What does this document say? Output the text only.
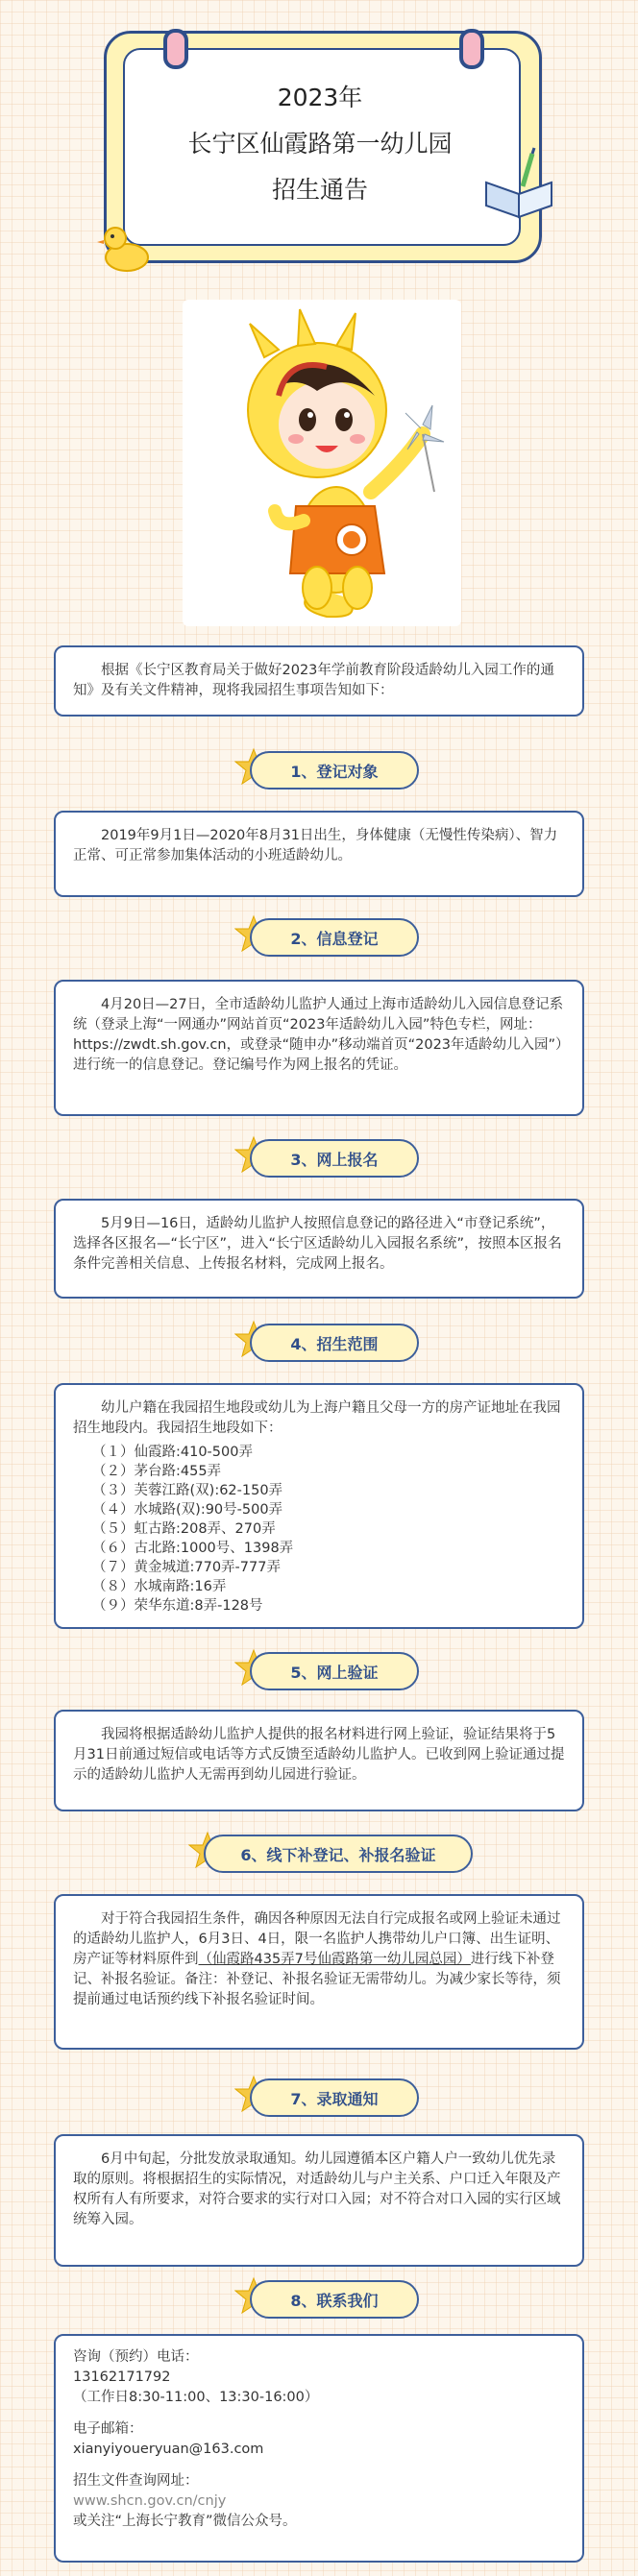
2023年
长宁区仙霞路第一幼儿园
招生通告

根据《长宁区教育局关于做好2023年学前教育阶段适龄幼儿入园工作的通知》及有关文件精神，现将我园招生事项告知如下：

1、登记对象

2019年9月1日—2020年8月31日出生，身体健康（无慢性传染病）、智力正常、可正常参加集体活动的小班适龄幼儿。

2、信息登记

4月20日—27日，全市适龄幼儿监护人通过上海市适龄幼儿入园信息登记系统（登录上海“一网通办”网站首页“2023年适龄幼儿入园”特色专栏，网址：https://zwdt.sh.gov.cn，或登录“随申办”移动端首页“2023年适龄幼儿入园”）进行统一的信息登记。登记编号作为网上报名的凭证。

3、网上报名

5月9日—16日，适龄幼儿监护人按照信息登记的路径进入“市登记系统”，选择各区报名—“长宁区”，进入“长宁区适龄幼儿入园报名系统”，按照本区报名条件完善相关信息、上传报名材料，完成网上报名。

4、招生范围

幼儿户籍在我园招生地段或幼儿为上海户籍且父母一方的房产证地址在我园招生地段内。我园招生地段如下：

（１）仙霞路:410-500弄
（２）茅台路:455弄
（３）芙蓉江路(双):62-150弄
（４）水城路(双):90号-500弄
（５）虹古路:208弄、270弄
（６）古北路:1000号、1398弄
（７）黄金城道:770弄-777弄
（８）水城南路:16弄
（９）荣华东道:8弄-128号
5、网上验证

我园将根据适龄幼儿监护人提供的报名材料进行网上验证，验证结果将于5月31日前通过短信或电话等方式反馈至适龄幼儿监护人。已收到网上验证通过提示的适龄幼儿监护人无需再到幼儿园进行验证。

6、线下补登记、补报名验证

对于符合我园招生条件，确因各种原因无法自行完成报名或网上验证未通过的适龄幼儿监护人，6月3日、4日，限一名监护人携带幼儿户口簿、出生证明、房产证等材料原件到（仙霞路435弄7号仙霞路第一幼儿园总园）进行线下补登记、补报名验证。备注：补登记、补报名验证无需带幼儿。为减少家长等待，须提前通过电话预约线下补报名验证时间。

7、录取通知

6月中旬起，分批发放录取通知。幼儿园遵循本区户籍人户一致幼儿优先录取的原则。将根据招生的实际情况，对适龄幼儿与户主关系、户口迁入年限及产权所有人有所要求，对符合要求的实行对口入园；对不符合对口入园的实行区域统筹入园。

8、联系我们
咨询（预约）电话：
13162171792
（工作日8:30-11:00、13:30-16:00）
电子邮箱：
xianyiyoueryuan@163.com
招生文件查询网址：
www.shcn.gov.cn/cnjy
或关注“上海长宁教育”微信公众号。
